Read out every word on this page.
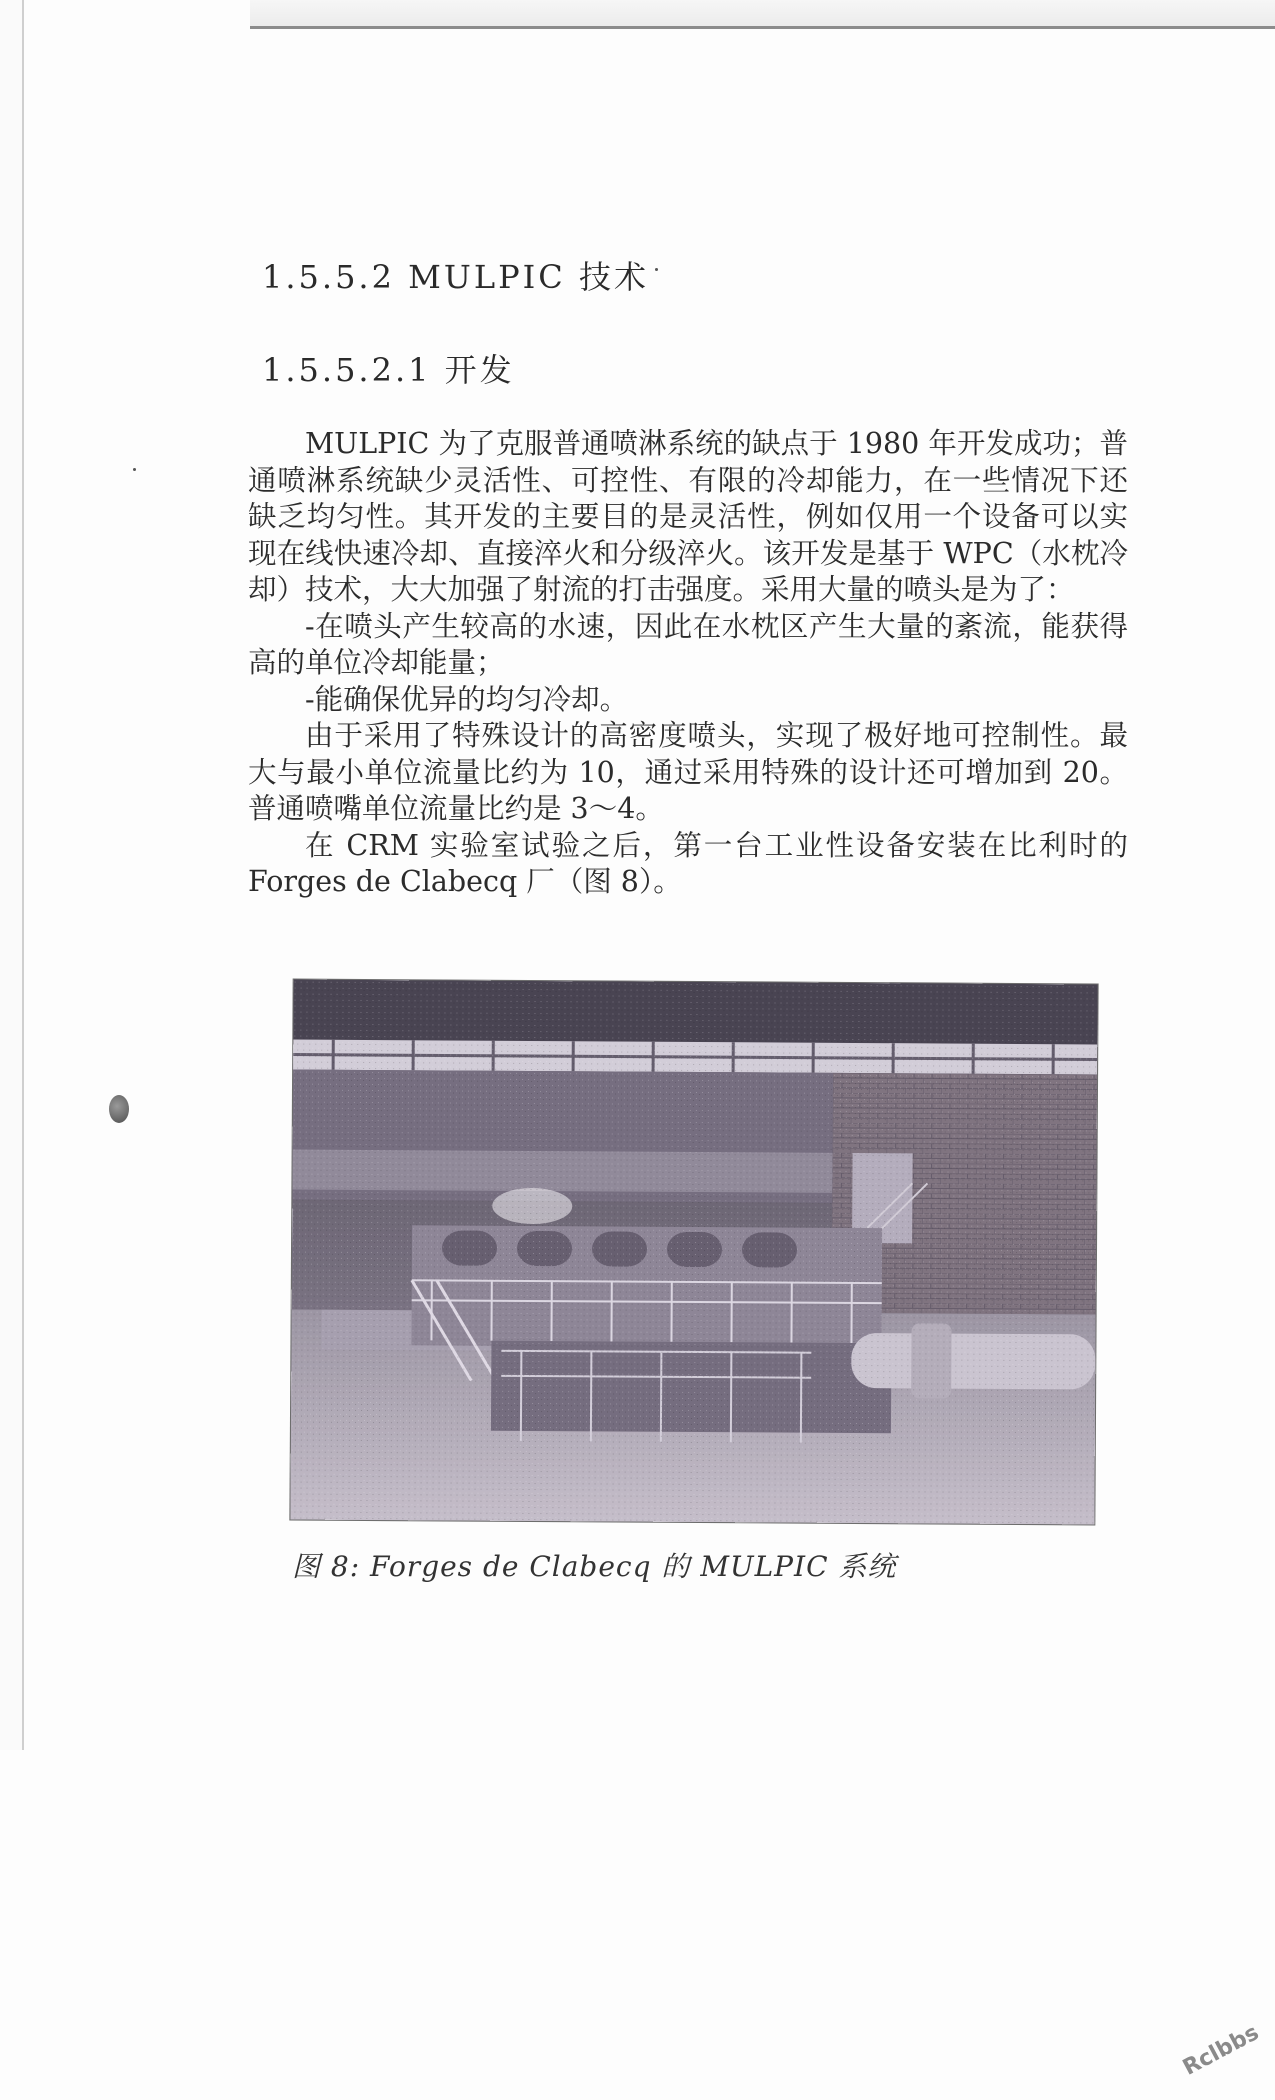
1.5.5.2 MULPIC 技术
1.5.5.2.1 开发

MULPIC 为了克服普通喷淋系统的缺点于 1980 年开发成功；普通喷淋系统缺少灵活性、可控性、有限的冷却能力，在一些情况下还缺乏均匀性。其开发的主要目的是灵活性，例如仅用一个设备可以实现在线快速冷却、直接淬火和分级淬火。该开发是基于 WPC（水枕冷却）技术，大大加强了射流的打击强度。采用大量的喷头是为了：

-在喷头产生较高的水速，因此在水枕区产生大量的紊流，能获得高的单位冷却能量；

-能确保优异的均匀冷却。

由于采用了特殊设计的高密度喷头，实现了极好地可控制性。最大与最小单位流量比约为 10，通过采用特殊的设计还可增加到 20。普通喷嘴单位流量比约是 3～4。

在 CRM 实验室试验之后，第一台工业性设备安装在比利时的 Forges de Clabecq 厂（图 8）。

图 8: Forges de Clabecq 的 MULPIC 系统
Rclbbs
